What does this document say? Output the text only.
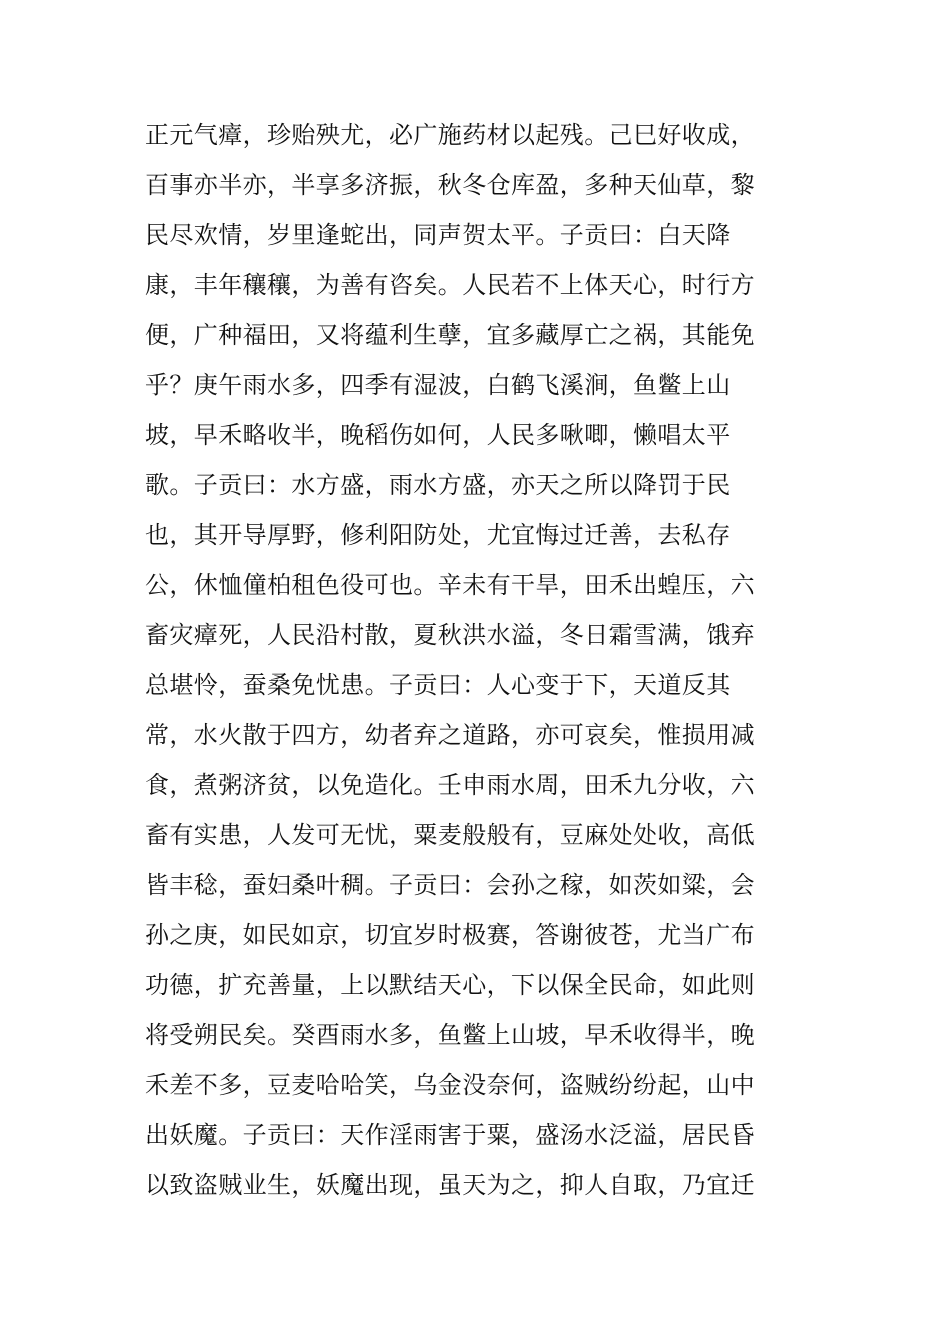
正元气瘴，珍贻殃尤，必广施药材以起残。己巳好收成，
百事亦半亦，半享多济振，秋冬仓库盈，多种天仙草，黎
民尽欢情，岁里逢蛇出，同声贺太平。子贡曰：白天降
康，丰年穰穰，为善有咨矣。人民若不上体天心，时行方
便，广种福田，又将蕴利生孽，宜多藏厚亡之祸，其能免
乎？庚午雨水多，四季有湿波，白鹤飞溪涧，鱼鳖上山
坡，早禾略收半，晚稻伤如何，人民多啾唧，懒唱太平
歌。子贡曰：水方盛，雨水方盛，亦天之所以降罚于民
也，其开导厚野，修利阳防处，尤宜悔过迁善，去私存
公，休恤僮柏租色役可也。辛未有干旱，田禾出蝗压，六
畜灾瘴死，人民沿村散，夏秋洪水溢，冬日霜雪满，饿弃
总堪怜，蚕桑免忧患。子贡曰：人心变于下，天道反其
常，水火散于四方，幼者弃之道路，亦可哀矣，惟损用减
食，煮粥济贫，以免造化。壬申雨水周，田禾九分收，六
畜有实患，人发可无忧，粟麦般般有，豆麻处处收，高低
皆丰稔，蚕妇桑叶稠。子贡曰：会孙之稼，如茨如粱，会
孙之庚，如民如京，切宜岁时极赛，答谢彼苍，尤当广布
功德，扩充善量，上以默结天心，下以保全民命，如此则
将受朔民矣。癸酉雨水多，鱼鳖上山坡，早禾收得半，晚
禾差不多，豆麦哈哈笑，乌金没奈何，盗贼纷纷起，山中
出妖魔。子贡曰：天作淫雨害于粟，盛汤水泛溢，居民昏
以致盗贼业生，妖魔出现，虽天为之，抑人自取，乃宜迁
